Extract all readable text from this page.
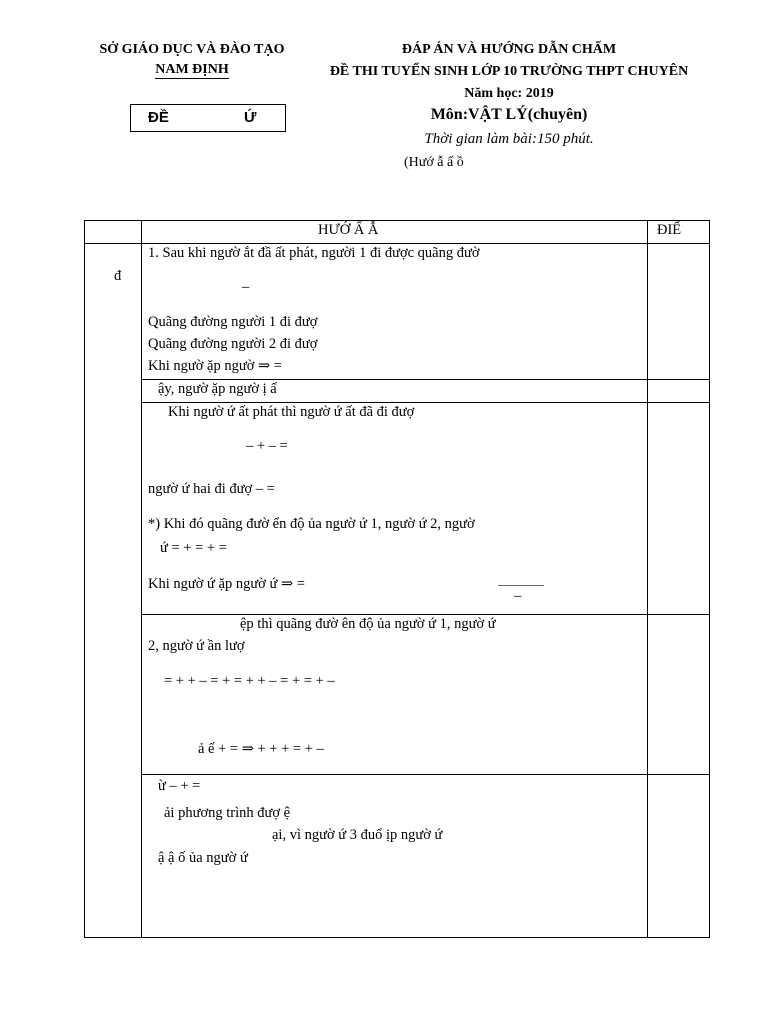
SỞ GIÁO DỤC VÀ ĐÀO TẠO
NAM ĐỊNH
ĐỀ	Ứ
ĐÁP ÁN VÀ HƯỚNG DẪN CHẤM
ĐỀ THI TUYỂN SINH LỚP 10 TRƯỜNG THPT CHUYÊN
Năm học: 2019
Môn:VẬT LÝ(chuyên)
Thời gian làm bài:150 phút.
(Hướ ẫ ấ ồ
HƯỚ Ấ Ẫ	ĐIỂ
đ
1. Sau khi ngườ ắt đầ ất phát, người 1 đi được quãng đườ
–
Quãng đường người 1 đi đượ
Quãng đường người 2 đi đượ
Khi ngườ ặp ngườ ⇒ =
ậy, ngườ ặp ngườ ị ấ
Khi ngườ ứ ất phát thì ngườ ứ ất đã đi đượ
– + – =
ngườ ứ hai đi đượ – =
*) Khi đó quãng đườ ển độ ủa ngườ ứ 1, ngườ ứ 2, ngườ
ứ = + = + =
Khi ngườ ứ ặp ngườ ứ ⇒ =
–
ệp thì quãng đườ ên độ ủa ngườ ứ 1, ngườ ứ
2, ngườ ứ ần lượ
= + + – = + = + + – = + = + –
ả ế + = ⇒ + + + = + –
ừ – + =
ải phương trình đượ ệ
ại, vì ngườ ứ 3 đuổ ịp ngườ ứ
ậ ậ ố ủa ngườ ứ
